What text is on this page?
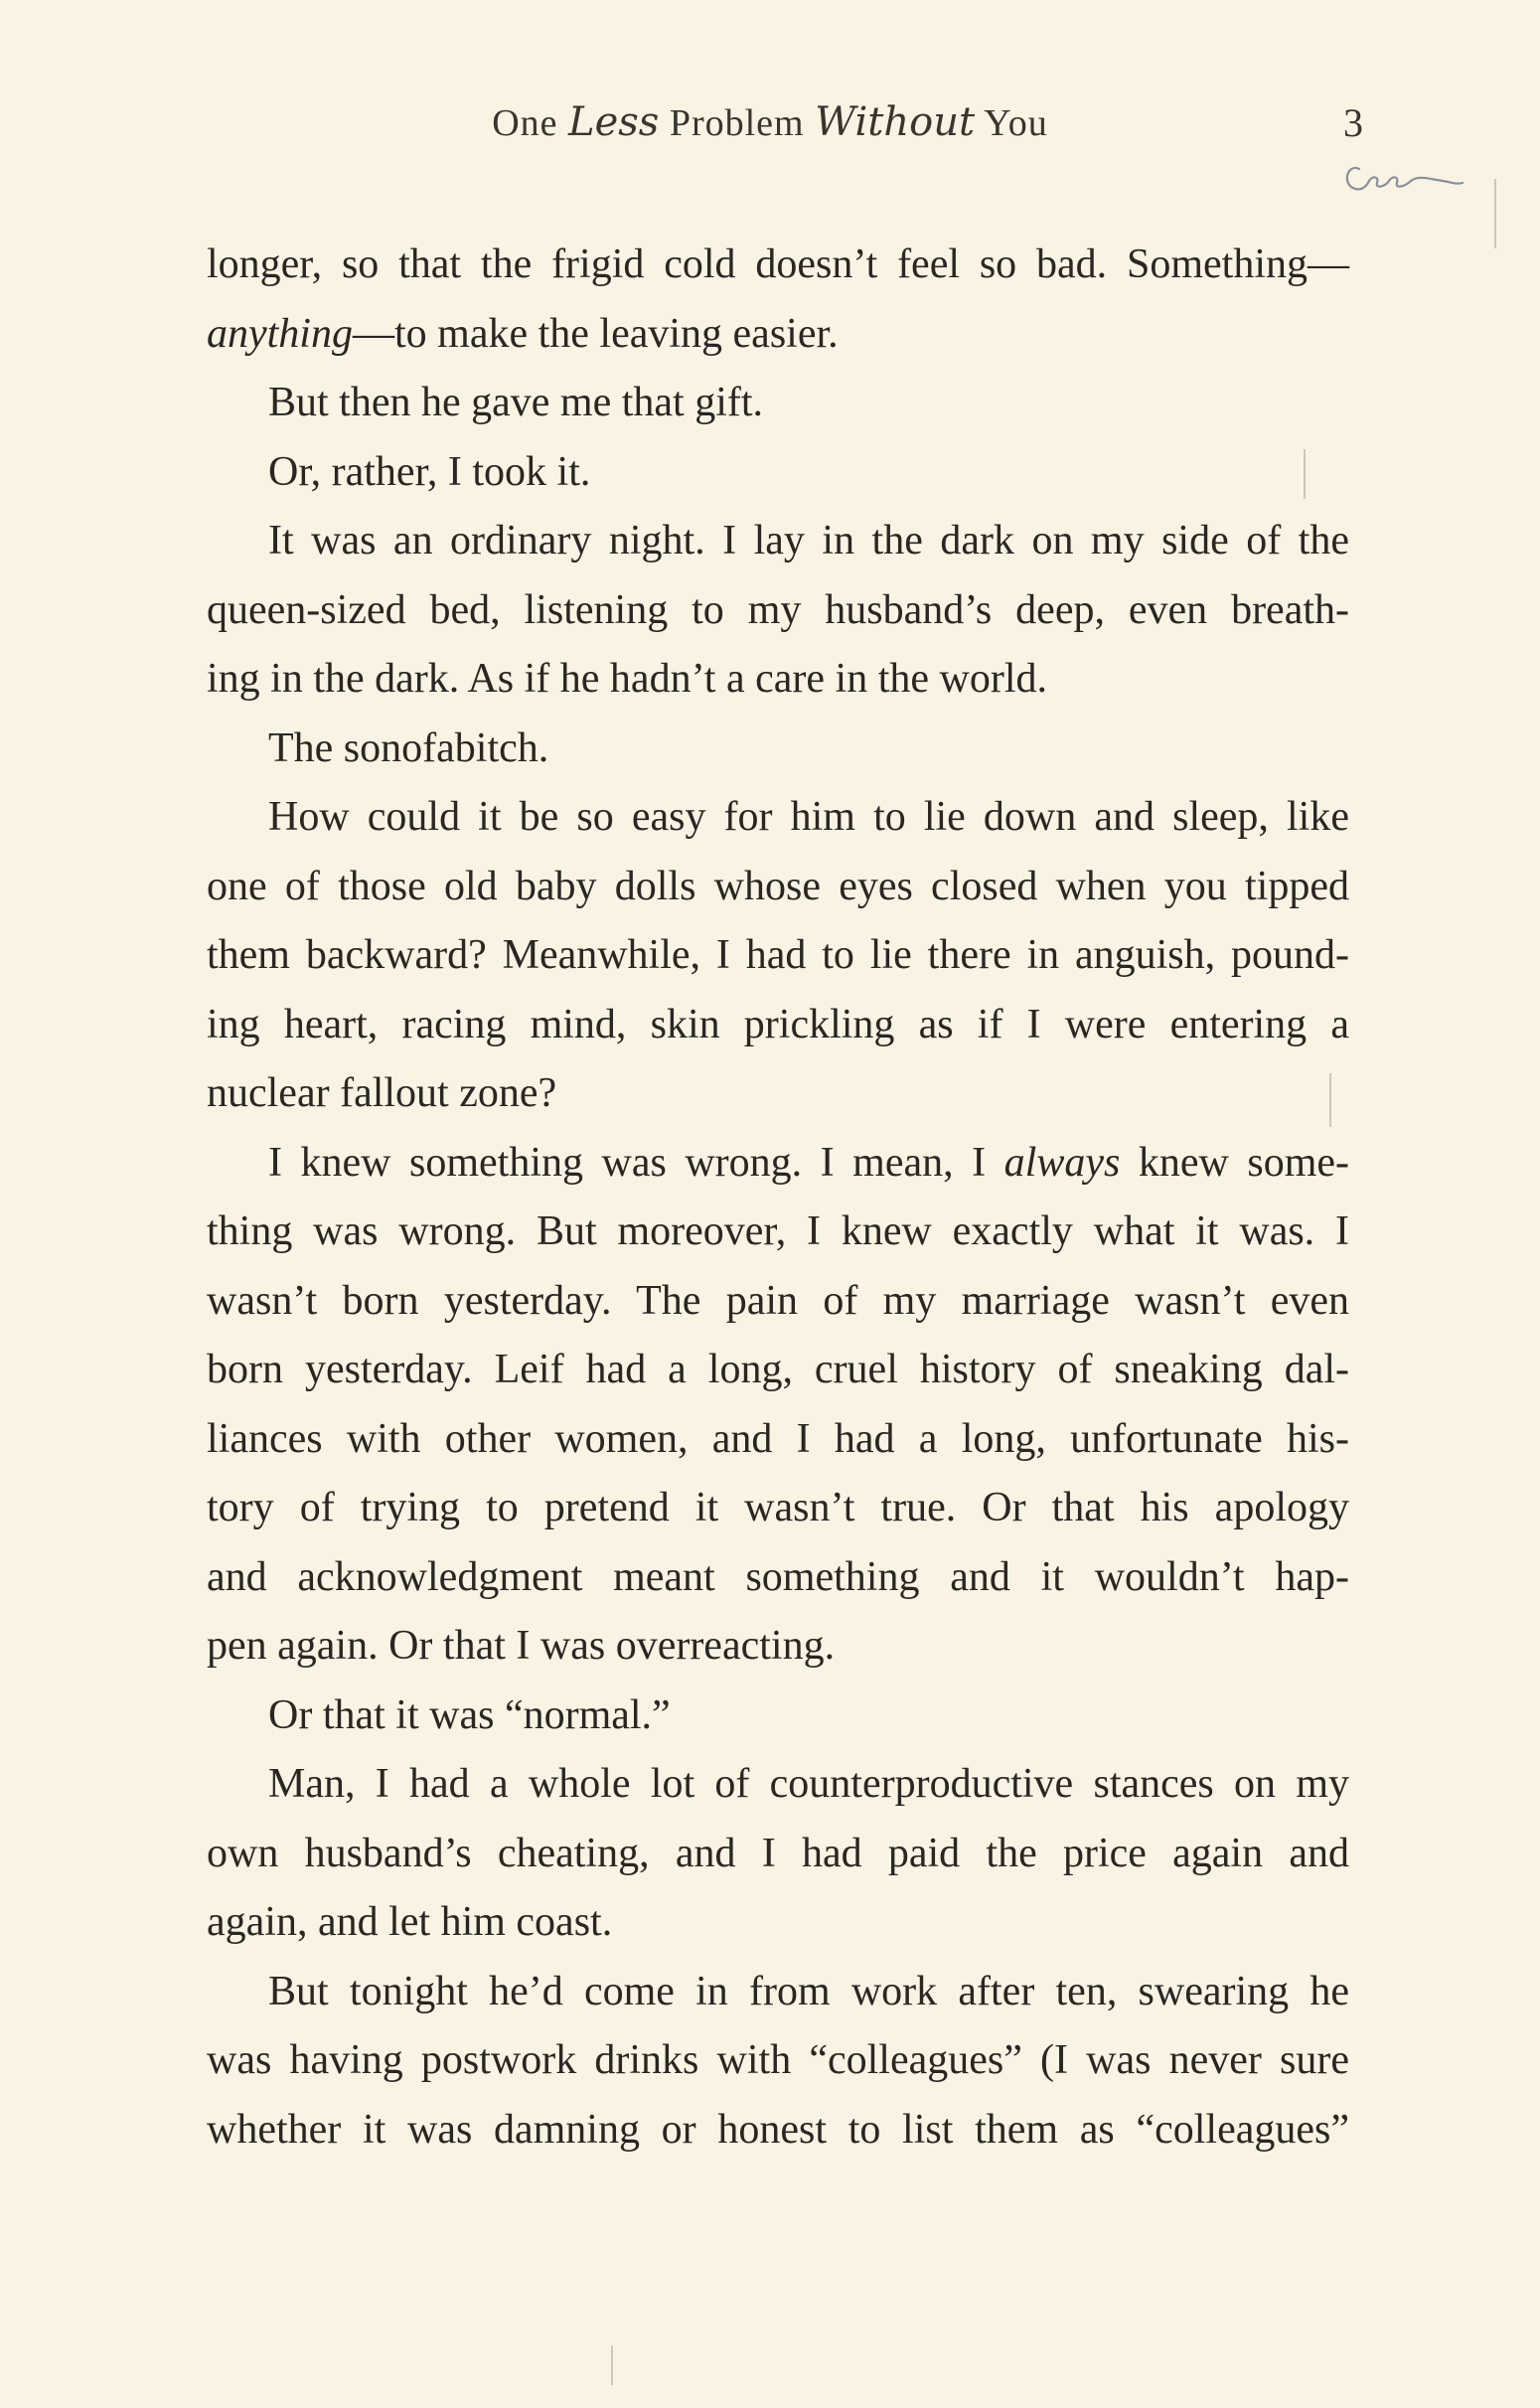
One Less Problem Without You	3
longer, so that the frigid cold doesn’t feel so bad. Something—
anything—to make the leaving easier.
But then he gave me that gift.
Or, rather, I took it.
It was an ordinary night. I lay in the dark on my side of the
queen-sized bed, listening to my husband’s deep, even breath-
ing in the dark. As if he hadn’t a care in the world.
The sonofabitch.
How could it be so easy for him to lie down and sleep, like
one of those old baby dolls whose eyes closed when you tipped
them backward? Meanwhile, I had to lie there in anguish, pound-
ing heart, racing mind, skin prickling as if I were entering a
nuclear fallout zone?
I knew something was wrong. I mean, I always knew some-
thing was wrong. But moreover, I knew exactly what it was. I
wasn’t born yesterday. The pain of my marriage wasn’t even
born yesterday. Leif had a long, cruel history of sneaking dal-
liances with other women, and I had a long, unfortunate his-
tory of trying to pretend it wasn’t true. Or that his apology
and acknowledgment meant something and it wouldn’t hap-
pen again. Or that I was overreacting.
Or that it was “normal.”
Man, I had a whole lot of counterproductive stances on my
own husband’s cheating, and I had paid the price again and
again, and let him coast.
But tonight he’d come in from work after ten, swearing he
was having postwork drinks with “colleagues” (I was never sure
whether it was damning or honest to list them as “colleagues”
